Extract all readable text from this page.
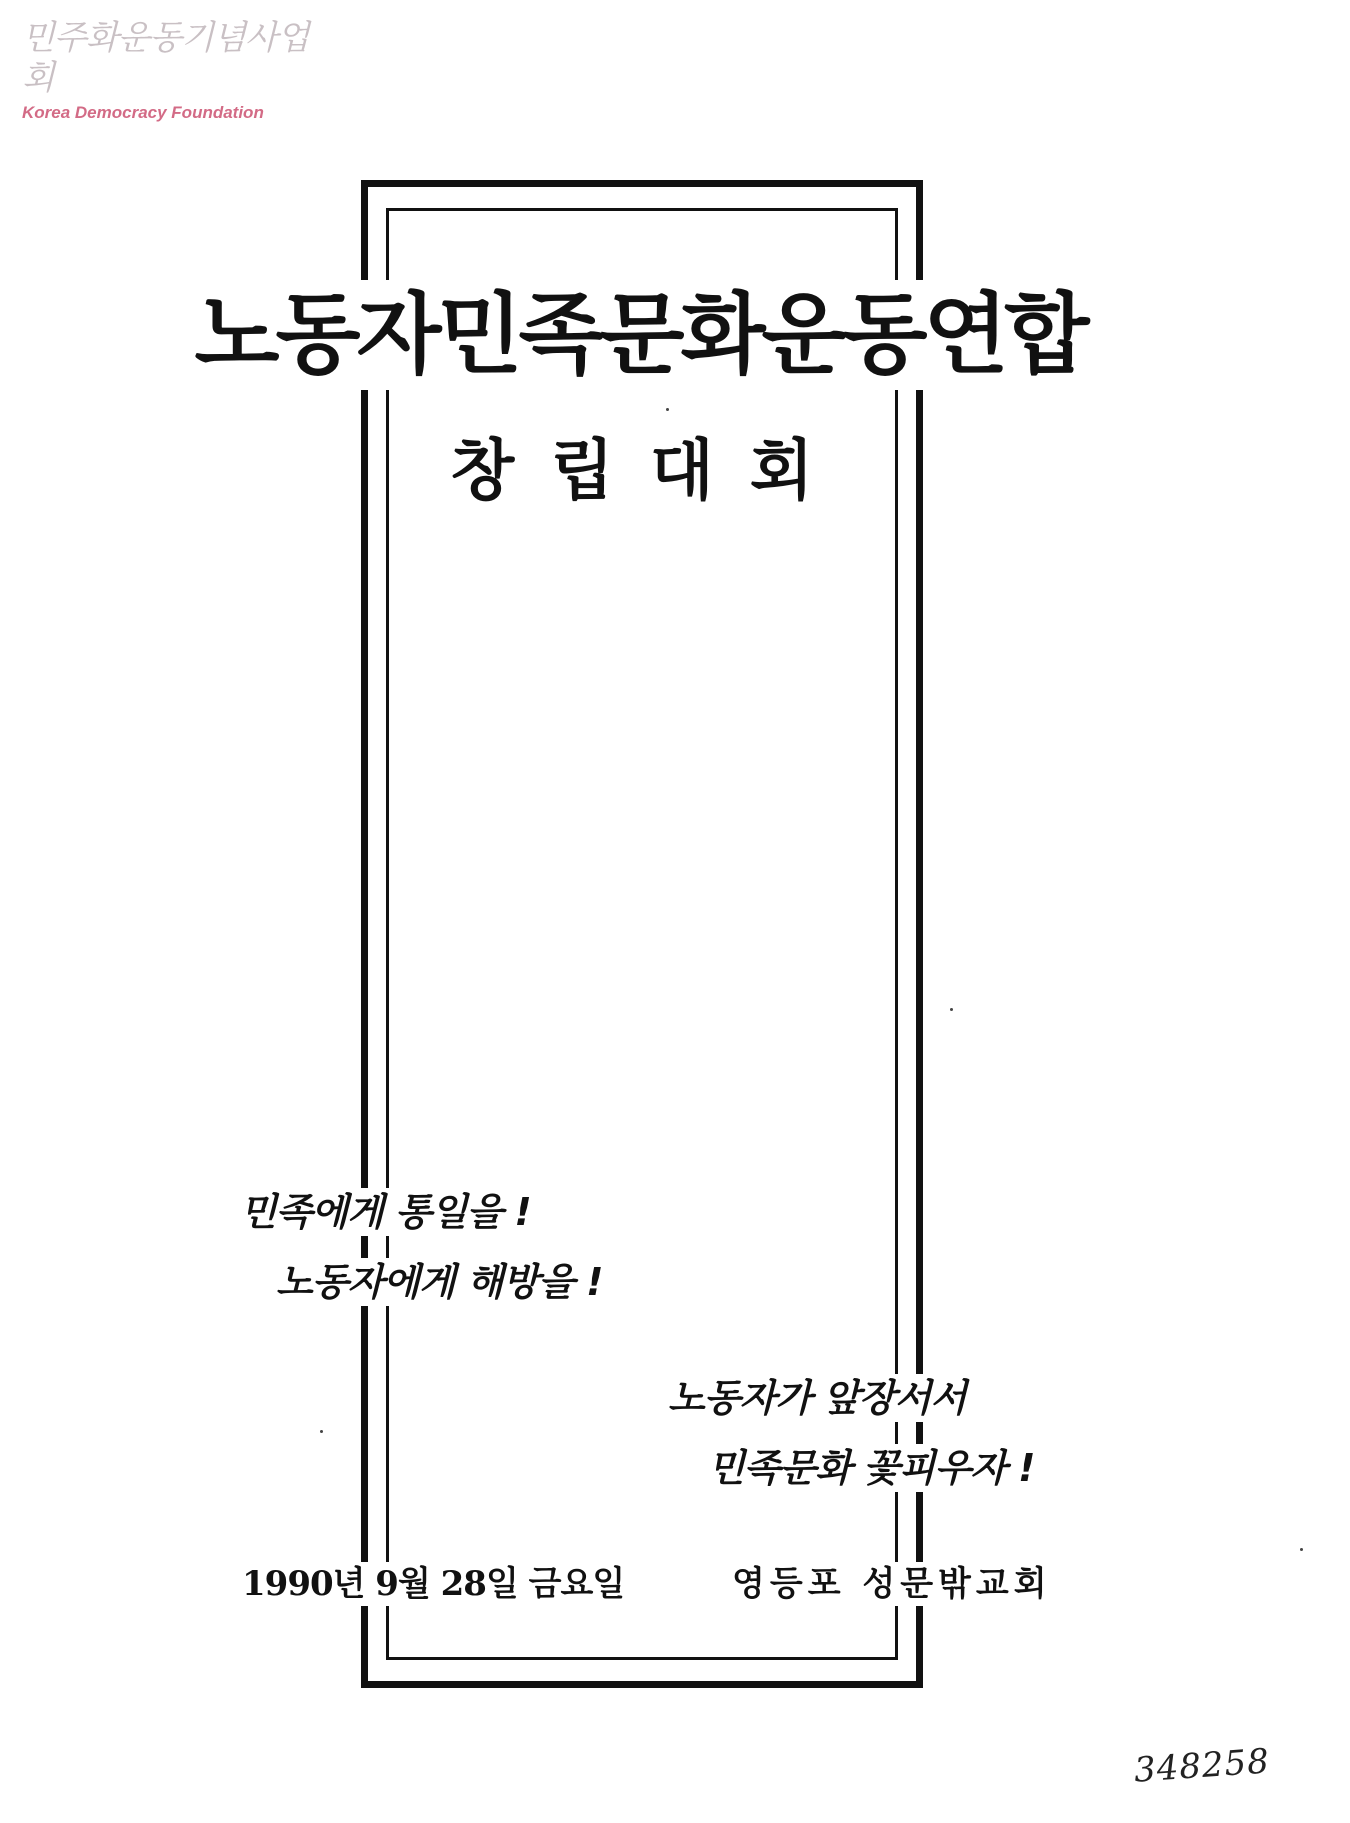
민주화운동기념사업회
Korea Democracy Foundation
노동자민족문화운동연합
창립대회
민족에게 통일을 !
노동자에게 해방을 !
노동자가 앞장서서
민족문화 꽃피우자 !
1990년 9월 28일 금요일	영등포 성문밖교회
348258
